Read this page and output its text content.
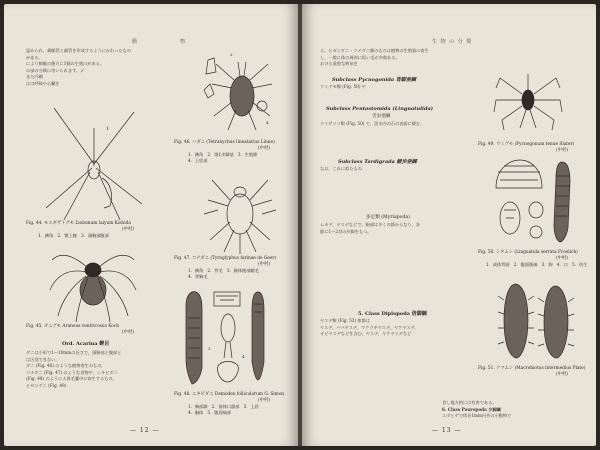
動	物
認められ，網脈管と細管を形成するようにかわったもの
がある。
により肺脈の後方に1個の生殖口がある。
の部の分類に用いられます。〆
また円網
はは呼吸や心臓を
1
Fig. 44. モエギザトグモ Liobunum laiyum Kishida
(中村)
1．鋏角　2．顎上腕　3．頭胸部腹部
Fig. 45. オニグモ Araneus ventricosus Koch
(中村)
Ord. Acarina 蜱目
ダニは小形で1〜10mmの長さで，頭胸部と腹部と
は区別できない。
ダニ (Fig. 46) のような植物寄生のもの，
コナダニ (Fig. 47) のような食物や，ニキビダニ
(Fig. 48) のように人体毛嚢中に寄生するもの，
ヒゼンダニ (Fig. 49)
2
4
Fig. 46. ハダニ (Tetranychus lineatarius Linne)
(中村)
1．鋏角　2．第1歩脚基　3．生殖節
4．上唇部
Fig. 47. コナダニ (Tyroglyphus farinae de Geer)
(中村)
1．鋏角　2．背毛　3．胴体後部鰓毛
4．背胸毛
3
4
Fig. 48. ニキビダニ Demodex folliculorum G. Simon
(中村)
1．胸部脚　2．前体口器部　3．上唇
4．胴体　5．腹面端部
— 12 —
生 物 の 分 類
る，ヒゼンダニ・ツメダニ類のものは植物の生殖器に寄生
し，一般に体の周囲に短い毛が多数ある。
おける重要な病気を
Subclass Pycnogonida 皆脚亜綱
ウミグモ類 (Fig. 50) や
Subclass Pentastomida (Linguatulida)
舌虫亜綱
ウミサソリ類 (Fig. 50) で，淡水内の石の表面に棲む。
Subclass Tardigrada 緩歩亜綱
なお，これに似たもの
多足類 (Myriapoda)
ムカデ，ヤスデなどで，胴部は多くの節からなり，各
節に1〜2対の歩脚をもつ。
5. Class Diplopoda 倍脚綱
ヤスデ類 (Fig. 53) 体節は
ヤスデ，ババヤスデ，マクラギヤスデ，ヤケヤスデ，
オビヤスデなどを含む。ヤスデ，ヤケヤスデなど
Fig. 49. ウミグモ (Pycnogonum tenue Slater)
(中村)
Fig. 50. シタムシ (Linguatula serrata Froelich)
(中村)
1．成体背面　2．腹面後端　3．鉤　4．口　5．幼生
Fig. 51. クマムシ (Macrobiotus intermedius Plate)
(中村)
食し地方的には有害である。
6. Class Pauropoda 少脚綱
エダヒゲで体長1mm内外の小動物で
— 13 —
